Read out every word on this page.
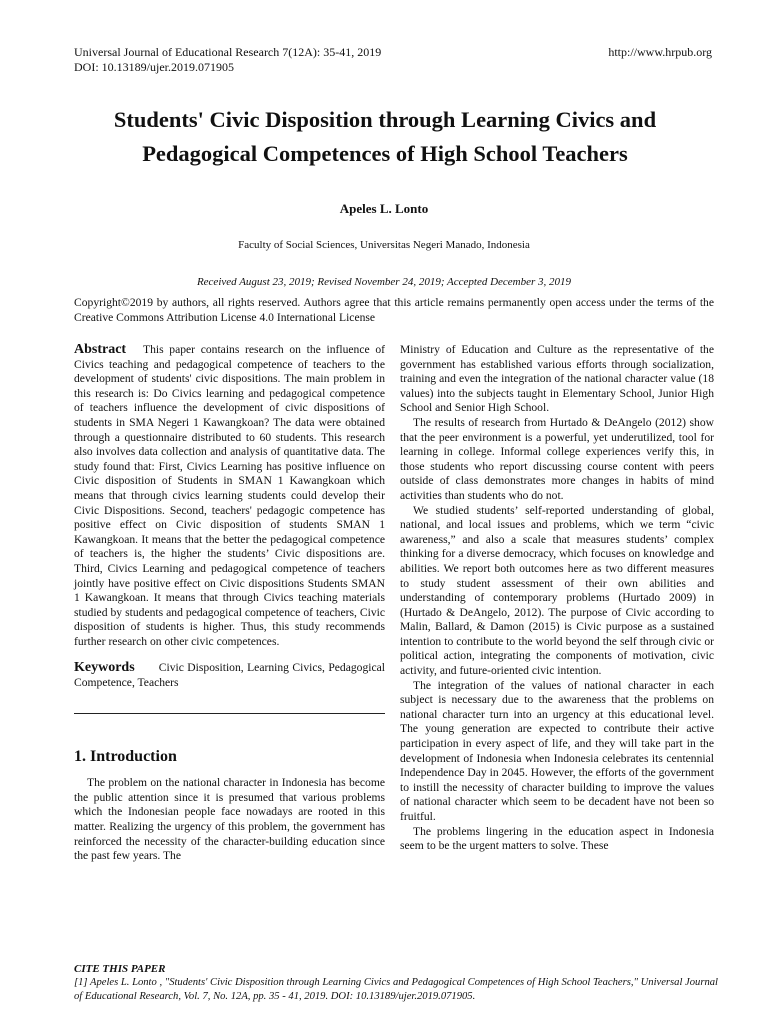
Universal Journal of Educational Research 7(12A): 35-41, 2019
DOI: 10.13189/ujer.2019.071905
http://www.hrpub.org
Students' Civic Disposition through Learning Civics and Pedagogical Competences of High School Teachers
Apeles L. Lonto
Faculty of Social Sciences, Universitas Negeri Manado, Indonesia
Received August 23, 2019; Revised November 24, 2019; Accepted December 3, 2019
Copyright©2019 by authors, all rights reserved. Authors agree that this article remains permanently open access under the terms of the Creative Commons Attribution License 4.0 International License

Abstract This paper contains research on the influence of Civics teaching and pedagogical competence of teachers to the development of students' civic dispositions. The main problem in this research is: Do Civics learning and pedagogical competence of teachers influence the development of civic dispositions of students in SMA Negeri 1 Kawangkoan? The data were obtained through a questionnaire distributed to 60 students. This research also involves data collection and analysis of quantitative data. The study found that: First, Civics Learning has positive influence on Civic disposition of Students in SMAN 1 Kawangkoan which means that through civics learning students could develop their Civic Dispositions. Second, teachers' pedagogic competence has positive effect on Civic disposition of students SMAN 1 Kawangkoan. It means that the better the pedagogical competence of teachers is, the higher the students’ Civic dispositions are. Third, Civics Learning and pedagogical competence of teachers jointly have positive effect on Civic dispositions Students SMAN 1 Kawangkoan. It means that through Civics teaching materials studied by students and pedagogical competence of teachers, Civic disposition of students is higher. Thus, this study recommends further research on other civic competences.

Keywords Civic Disposition, Learning Civics, Pedagogical Competence, Teachers

1. Introduction

The problem on the national character in Indonesia has become the public attention since it is presumed that various problems which the Indonesian people face nowadays are rooted in this matter. Realizing the urgency of this problem, the government has reinforced the necessity of the character-building education since the past few years. The

Ministry of Education and Culture as the representative of the government has established various efforts through socialization, training and even the integration of the national character value (18 values) into the subjects taught in Elementary School, Junior High School and Senior High School.

The results of research from Hurtado & DeAngelo (2012) show that the peer environment is a powerful, yet underutilized, tool for learning in college. Informal college experiences verify this, in those students who report discussing course content with peers outside of class demonstrates more changes in habits of mind activities than students who do not.

We studied students’ self-reported understanding of global, national, and local issues and problems, which we term “civic awareness,” and also a scale that measures students’ complex thinking for a diverse democracy, which focuses on knowledge and abilities. We report both outcomes here as two different measures to study student assessment of their own abilities and understanding of contemporary problems (Hurtado 2009) in (Hurtado & DeAngelo, 2012). The purpose of Civic according to Malin, Ballard, & Damon (2015) is Civic purpose as a sustained intention to contribute to the world beyond the self through civic or political action, integrating the components of motivation, civic activity, and future-oriented civic intention.

The integration of the values of national character in each subject is necessary due to the awareness that the problems on national character turn into an urgency at this educational level. The young generation are expected to contribute their active participation in every aspect of life, and they will take part in the development of Indonesia when Indonesia celebrates its centennial Independence Day in 2045. However, the efforts of the government to instill the necessity of character building to improve the values of national character which seem to be decadent have not been so fruitful.

The problems lingering in the education aspect in Indonesia seem to be the urgent matters to solve. These

CITE THIS PAPER
[1] Apeles L. Lonto , "Students' Civic Disposition through Learning Civics and Pedagogical Competences of High School Teachers," Universal Journal of Educational Research, Vol. 7, No. 12A, pp. 35 - 41, 2019. DOI: 10.13189/ujer.2019.071905.
